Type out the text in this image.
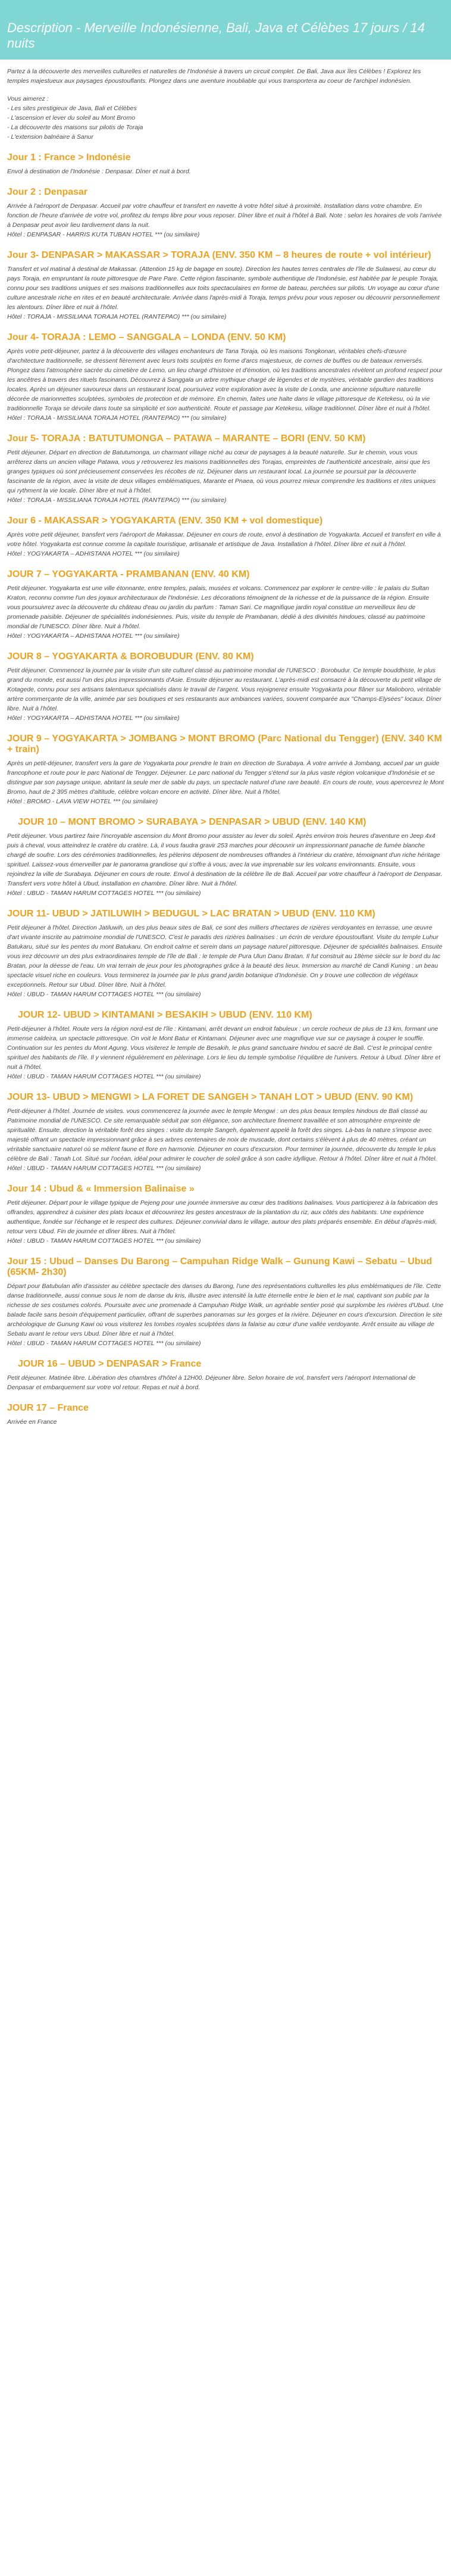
Description - Merveille Indonésienne, Bali, Java et Célèbes 17 jours / 14 nuits

Partez à la découverte des merveilles culturelles et naturelles de l'Indonésie à travers un circuit complet. De Bali, Java aux îles Célèbes ! Explorez les temples majestueux aux paysages époustouflants. Plongez dans une aventure inoubliable qui vous transportera au coeur de l'archipel indonésien.

Vous aimerez :
- Les sites prestigieux de Java, Bali et Célèbes
- L'ascension et lever du soleil au Mont Bromo
- La découverte des maisons sur pilotis de Toraja
- L'extension balnéaire à Sanur
Jour 1 : France > Indonésie

Envol à destination de l'Indonésie : Denpasar. Dîner et nuit à bord.

Jour 2 : Denpasar

Arrivée à l'aéroport de Denpasar. Accueil par votre chauffeur et transfert en navette à votre hôtel situé à proximité. Installation dans votre chambre. En fonction de l'heure d'arrivée de votre vol, profitez du temps libre pour vous reposer. Dîner libre et nuit à l'hôtel à Bali. Note : selon les horaires de vols l'arrivée à Denpasar peut avoir lieu tardivement dans la nuit.

Hôtel : DENPASAR - HARRIS KUTA TUBAN HOTEL *** (ou similaire)

Jour 3- DENPASAR > MAKASSAR > TORAJA (ENV. 350 KM – 8 heures de route + vol intérieur)

Transfert et vol matinal à destinal de Makassar. (Attention 15 kg de bagage en soute). Direction les hautes terres centrales de l'île de Sulawesi, au cœur du pays Toraja, en empruntant la route pittoresque de Pare Pare. Cette région fascinante, symbole authentique de l'Indonésie, est habitée par le peuple Toraja, connu pour ses traditions uniques et ses maisons traditionnelles aux toits spectaculaires en forme de bateau, perchées sur pilotis. Un voyage au cœur d'une culture ancestrale riche en rites et en beauté architecturale. Arrivée dans l'après-midi à Toraja, temps prévu pour vous reposer ou découvrir personnellement les alentours. Dîner libre et nuit à l'hôtel.

Hôtel : TORAJA - MISSILIANA TORAJA HOTEL (RANTEPAO) *** (ou similaire)

Jour 4- TORAJA : LEMO – SANGGALA – LONDA (ENV. 50 KM)

Après votre petit-déjeuner, partez à la découverte des villages enchanteurs de Tana Toraja, où les maisons Tongkonan, véritables chefs-d'œuvre d'architecture traditionnelle, se dressent fièrement avec leurs toits sculptés en forme d'arcs majestueux, de cornes de buffles ou de bateaux renversés. Plongez dans l'atmosphère sacrée du cimetière de Lemo, un lieu chargé d'histoire et d'émotion, où les traditions ancestrales révèlent un profond respect pour les ancêtres à travers des rituels fascinants. Découvrez à Sanggala un arbre mythique chargé de légendes et de mystères, véritable gardien des traditions locales. Après un déjeuner savoureux dans un restaurant local, poursuivez votre exploration avec la visite de Londa, une ancienne sépulture naturelle décorée de marionnettes sculptées, symboles de protection et de mémoire. En chemin, faites une halte dans le village pittoresque de Ketekesu, où la vie traditionnelle Toraja se dévoile dans toute sa simplicité et son authenticité. Route et passage par Ketekesu, village traditionnel. Dîner libre et nuit à l'hôtel.

Hôtel : TORAJA - MISSILIANA TORAJA HOTEL (RANTEPAO) *** (ou similaire)

Jour 5- TORAJA : BATUTUMONGA – PATAWA – MARANTE – BORI (ENV. 50 KM)

Petit déjeuner. Départ en direction de Batutumonga, un charmant village niché au cœur de paysages à la beauté naturelle. Sur le chemin, vous vous arrêterez dans un ancien village Patawa, vous y retrouverez les maisons traditionnelles des Torajas, empreintes de l'authenticité ancestrale, ainsi que les granges typiques où sont précieusement conservées les récoltes de riz. Déjeuner dans un restaurant local. La journée se poursuit par la découverte fascinante de la région, avec la visite de deux villages emblématiques, Marante et Pnaea, où vous pourrez mieux comprendre les traditions et rites uniques qui rythment la vie locale. Dîner libre et nuit à l'hôtel.

Hôtel : TORAJA - MISSILIANA TORAJA HOTEL (RANTEPAO) *** (ou similaire)

Jour 6 - MAKASSAR > YOGYAKARTA (ENV. 350 KM + vol domestique)

Après votre petit déjeuner, transfert vers l'aéroport de Makassar. Déjeuner en cours de route, envol à destination de Yogyakarta. Accueil et transfert en ville à votre hôtel. Yogyakarta est connue comme la capitale touristique, artisanale et artistique de Java. Installation à l'hôtel. Dîner libre et nuit à l'hôtel.

Hôtel : YOGYAKARTA – ADHISTANA HOTEL *** (ou similaire)

JOUR 7 – YOGYAKARTA - PRAMBANAN (ENV. 40 KM)

Petit déjeuner. Yogyakarta est une ville étonnante, entre temples, palais, musées et volcans. Commencez par explorer le centre-ville : le palais du Sultan Kraton, reconnu comme l'un des joyaux architecturaux de l'Indonésie. Les décorations témoignent de la richesse et de la puissance de la région. Ensuite vous poursuivrez avec la découverte du château d'eau ou jardin du parfum : Taman Sari. Ce magnifique jardin royal constitue un merveilleux lieu de promenade paisible. Déjeuner de spécialités indonésiennes. Puis, visite du temple de Prambanan, dédié à des divinités hindoues, classé au patrimoine mondial de l'UNESCO. Dîner libre. Nuit à l'hôtel.

Hôtel : YOGYAKARTA – ADHISTANA HOTEL *** (ou similaire)

JOUR 8 – YOGYAKARTA & BOROBUDUR (ENV. 80 KM)

Petit déjeuner. Commencez la journée par la visite d'un site culturel classé au patrimoine mondial de l'UNESCO : Borobudur. Ce temple bouddhiste, le plus grand du monde, est aussi l'un des plus impressionnants d'Asie. Ensuite déjeuner au restaurant. L'après-midi est consacré à la découverte du petit village de Kotagede, connu pour ses artisans talentueux spécialisés dans le travail de l'argent. Vous rejoignerez ensuite Yogyakarta pour flâner sur Malioboro, véritable artère commerçante de la ville, animée par ses boutiques et ses restaurants aux ambiances variées, souvent comparée aux "Champs-Elysées" locaux. Dîner libre. Nuit à l'hôtel.

Hôtel : YOGYAKARTA – ADHISTANA HOTEL *** (ou similaire)

JOUR 9 – YOGYAKARTA > JOMBANG > MONT BROMO (Parc National du Tengger) (ENV. 340 KM + train)

Après un petit-déjeuner, transfert vers la gare de Yogyakarta pour prendre le train en direction de Surabaya. À votre arrivée à Jombang, accueil par un guide francophone et route pour le parc National de Tengger. Déjeuner. Le parc national du Tengger s'étend sur la plus vaste région volcanique d'Indonésie et se distingue par son paysage unique, abritant la seule mer de sable du pays, un spectacle naturel d'une rare beauté. En cours de route, vous apercevrez le Mont Bromo, haut de 2 395 mètres d'altitude, célèbre volcan encore en activité. Dîner libre. Nuit à l'hôtel.

Hôtel : BROMO - LAVA VIEW HOTEL *** (ou similaire)

JOUR 10 – MONT BROMO > SURABAYA > DENPASAR > UBUD (ENV. 140 KM)

Petit déjeuner. Vous partirez faire l'incroyable ascension du Mont Bromo pour assister au lever du soleil. Après environ trois heures d'aventure en Jeep 4x4 puis à cheval, vous atteindrez le cratère du cratère. Là, il vous faudra gravir 253 marches pour découvrir un impressionnant panache de fumée blanche chargé de soufre. Lors des cérémonies traditionnelles, les pèlerins déposent de nombreuses offrandes à l'intérieur du cratère, témoignant d'un riche héritage spirituel. Laissez-vous émerveiller par le panorama grandiose qui s'offre à vous, avec la vue imprenable sur les volcans environnants. Ensuite, vous rejoindrez la ville de Surabaya. Déjeuner en cours de route. Envol à destination de la célèbre île de Bali. Accueil par votre chauffeur à l'aéroport de Denpasar. Transfert vers votre hôtel à Ubud, installation en chambre. Dîner libre. Nuit à l'hôtel.

Hôtel : UBUD - TAMAN HARUM COTTAGES HOTEL *** (ou similaire)

JOUR 11- UBUD > JATILUWIH > BEDUGUL > LAC BRATAN > UBUD (ENV. 110 KM)

Petit déjeuner à l'hôtel. Direction Jatiluwih, un des plus beaux sites de Bali, ce sont des milliers d'hectares de rizières verdoyantes en terrasse, une œuvre d'art vivante inscrite au patrimoine mondial de l'UNESCO. C'est le paradis des rizières balinaises : un écrin de verdure époustouflant. Visite du temple Luhur Batukaru, situé sur les pentes du mont Batukaru. On endroit calme et serein dans un paysage naturel pittoresque. Déjeuner de spécialités balinaises. Ensuite vous irez découvrir un des plus extraordinaires temple de l'île de Bali : le temple de Pura Ulun Danu Bratan. Il fut construit au 18ème siècle sur le bord du lac Bratan, pour la déesse de l'eau. Un vrai terrain de jeux pour les photographes grâce à la beauté des lieux. Immersion au marché de Candi Kuning : un beau spectacle visuel riche en couleurs. Vous terminerez la journée par le plus grand jardin botanique d'Indonésie. On y trouve une collection de végétaux exceptionnels. Retour sur Ubud. Dîner libre. Nuit à l'hôtel.

Hôtel : UBUD - TAMAN HARUM COTTAGES HOTEL *** (ou similaire)

JOUR 12- UBUD > KINTAMANI > BESAKIH > UBUD (ENV. 110 KM)

Petit-déjeuner à l'hôtel. Route vers la région nord-est de l'île : Kintamani, arrêt devant un endroit fabuleux : un cercle rocheux de plus de 13 km, formant une immense caldeira, un spectacle pittoresque. On voit le Mont Batur et Kintamani. Déjeuner avec une magnifique vue sur ce paysage à couper le souffle. Continuation sur les pentes du Mont Agung. Vous visiterez le temple de Besakih, le plus grand sanctuaire hindou et sacré de Bali. C'est le principal centre spirituel des habitants de l'île. Il y viennent régulièrement en pèlerinage. Lors le lieu du temple symbolise l'équilibre de l'univers. Retour à Ubud. Dîner libre et nuit à l'hôtel.

Hôtel : UBUD - TAMAN HARUM COTTAGES HOTEL *** (ou similaire)

JOUR 13- UBUD > MENGWI > LA FORET DE SANGEH > TANAH LOT > UBUD (ENV. 90 KM)

Petit-déjeuner à l'hôtel. Journée de visites. vous commencerez la journée avec le temple Mengwi : un des plus beaux temples hindous de Bali classé au Patrimoine mondial de l'UNESCO. Ce site remarquable séduit par son élégance, son architecture finement travaillée et son atmosphère empreinte de spiritualité. Ensuite, direction la véritable forêt des singes : visite du temple Sangeh, également appelé la forêt des singes. Là-bas la nature s'impose avec majesté offrant un spectacle impressionnant grâce à ses arbres centenaires de noix de muscade, dont certains s'élèvent à plus de 40 mètres. créant un véritable sanctuaire naturel où se mêlent faune et flore en harmonie. Déjeuner en cours d'excursion. Pour terminer la journée, découverte du temple le plus célèbre de Bali : Tanah Lot. Situé sur l'océan, idéal pour admirer le coucher de soleil grâce à son cadre idyllique. Retour à l'hôtel. Dîner libre et nuit à l'hôtel.

Hôtel : UBUD - TAMAN HARUM COTTAGES HOTEL *** (ou similaire)

Jour 14 : Ubud & « Immersion Balinaise »

Petit déjeuner. Départ pour le village typique de Pejeng pour une journée immersive au cœur des traditions balinaises. Vous participerez à la fabrication des offrandes, apprendrez à cuisiner des plats locaux et découvrirez les gestes ancestraux de la plantation du riz, aux côtés des habitants. Une expérience authentique, fondée sur l'échange et le respect des cultures. Déjeuner convivial dans le village, autour des plats préparés ensemble. En début d'après-midi, retour vers Ubud. Fin de journée et dîner libres. Nuit à l'hôtel.

Hôtel : UBUD - TAMAN HARUM COTTAGES HOTEL *** (ou similaire)

Jour 15 : Ubud – Danses Du Barong – Campuhan Ridge Walk – Gunung Kawi – Sebatu – Ubud (65KM- 2h30)

Départ pour Batubulan afin d'assister au célèbre spectacle des danses du Barong, l'une des représentations culturelles les plus emblématiques de l'île. Cette danse traditionnelle, aussi connue sous le nom de danse du kris, illustre avec intensité la lutte éternelle entre le bien et le mal, captivant son public par la richesse de ses costumes colorés. Poursuite avec une promenade à Campuhan Ridge Walk, un agréable sentier posé qui surplombe les rivières d'Ubud. Une balade facile sans besoin d'équipement particulier, offrant de superbes panoramas sur les gorges et la rivière. Déjeuner en cours d'excursion. Direction le site archéologique de Gunung Kawi où vous visiterez les tombes royales sculptées dans la falaise au cœur d'une vallée verdoyante. Arrêt ensuite au village de Sebatu avant le retour vers Ubud. Dîner libre et nuit à l'hôtel.

Hôtel : UBUD - TAMAN HARUM COTTAGES HOTEL *** (ou similaire)

JOUR 16 – UBUD > DENPASAR > France

Petit déjeuner. Matinée libre. Libération des chambres d'hôtel à 12H00. Déjeuner libre. Selon horaire de vol, transfert vers l'aéroport International de Denpasar et embarquement sur votre vol retour. Repas et nuit à bord.

JOUR 17 – France

Arrivée en France
